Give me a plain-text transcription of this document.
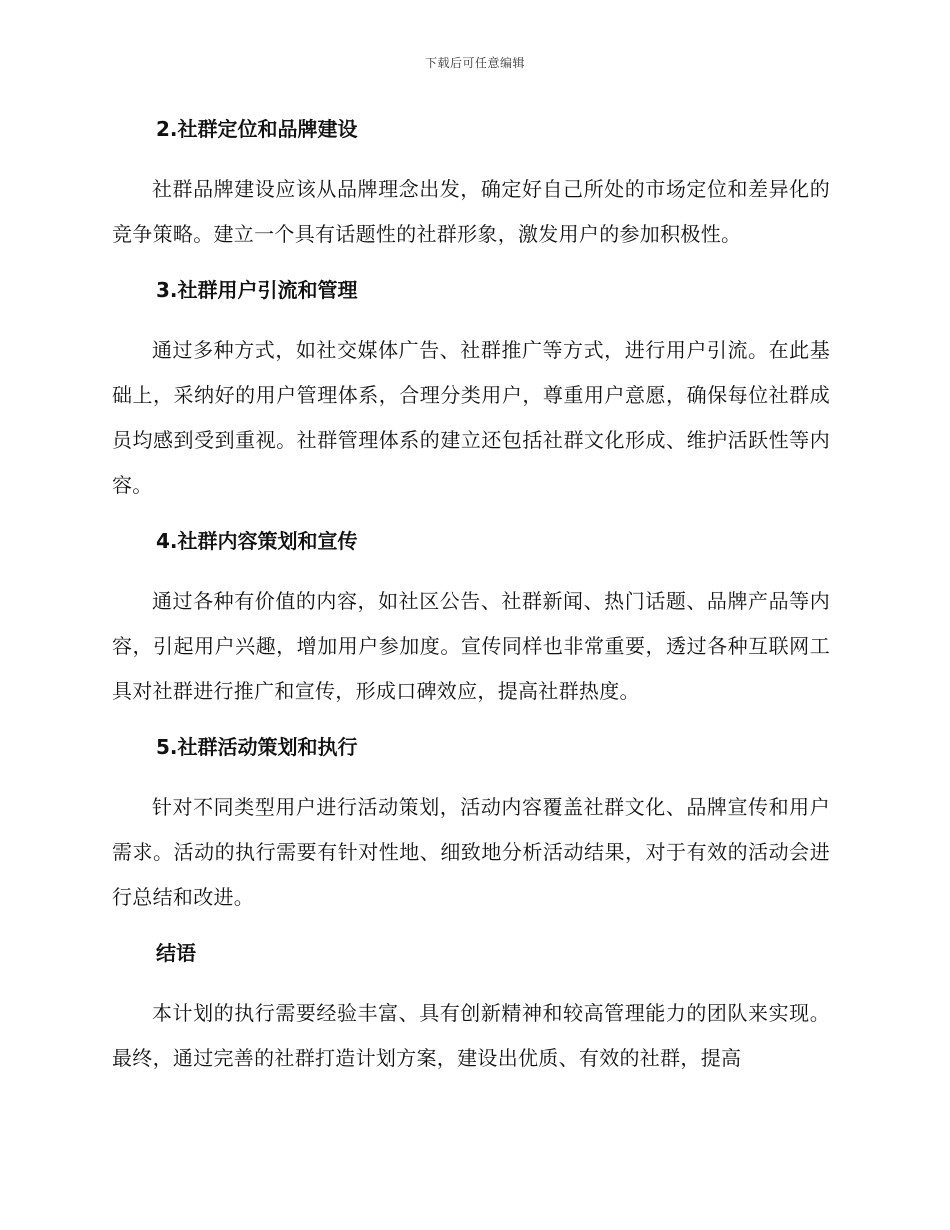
下载后可任意编辑
2.社群定位和品牌建设

社群品牌建设应该从品牌理念出发，确定好自己所处的市场定位和差异化的竞争策略。建立一个具有话题性的社群形象，激发用户的参加积极性。

3.社群用户引流和管理

通过多种方式，如社交媒体广告、社群推广等方式，进行用户引流。在此基础上，采纳好的用户管理体系，合理分类用户，尊重用户意愿，确保每位社群成员均感到受到重视。社群管理体系的建立还包括社群文化形成、维护活跃性等内容。

4.社群内容策划和宣传

通过各种有价值的内容，如社区公告、社群新闻、热门话题、品牌产品等内容，引起用户兴趣，增加用户参加度。宣传同样也非常重要，透过各种互联网工具对社群进行推广和宣传，形成口碑效应，提高社群热度。

5.社群活动策划和执行

针对不同类型用户进行活动策划，活动内容覆盖社群文化、品牌宣传和用户需求。活动的执行需要有针对性地、细致地分析活动结果，对于有效的活动会进行总结和改进。

结语

本计划的执行需要经验丰富、具有创新精神和较高管理能力的团队来实现。最终，通过完善的社群打造计划方案，建设出优质、有效的社群，提高
